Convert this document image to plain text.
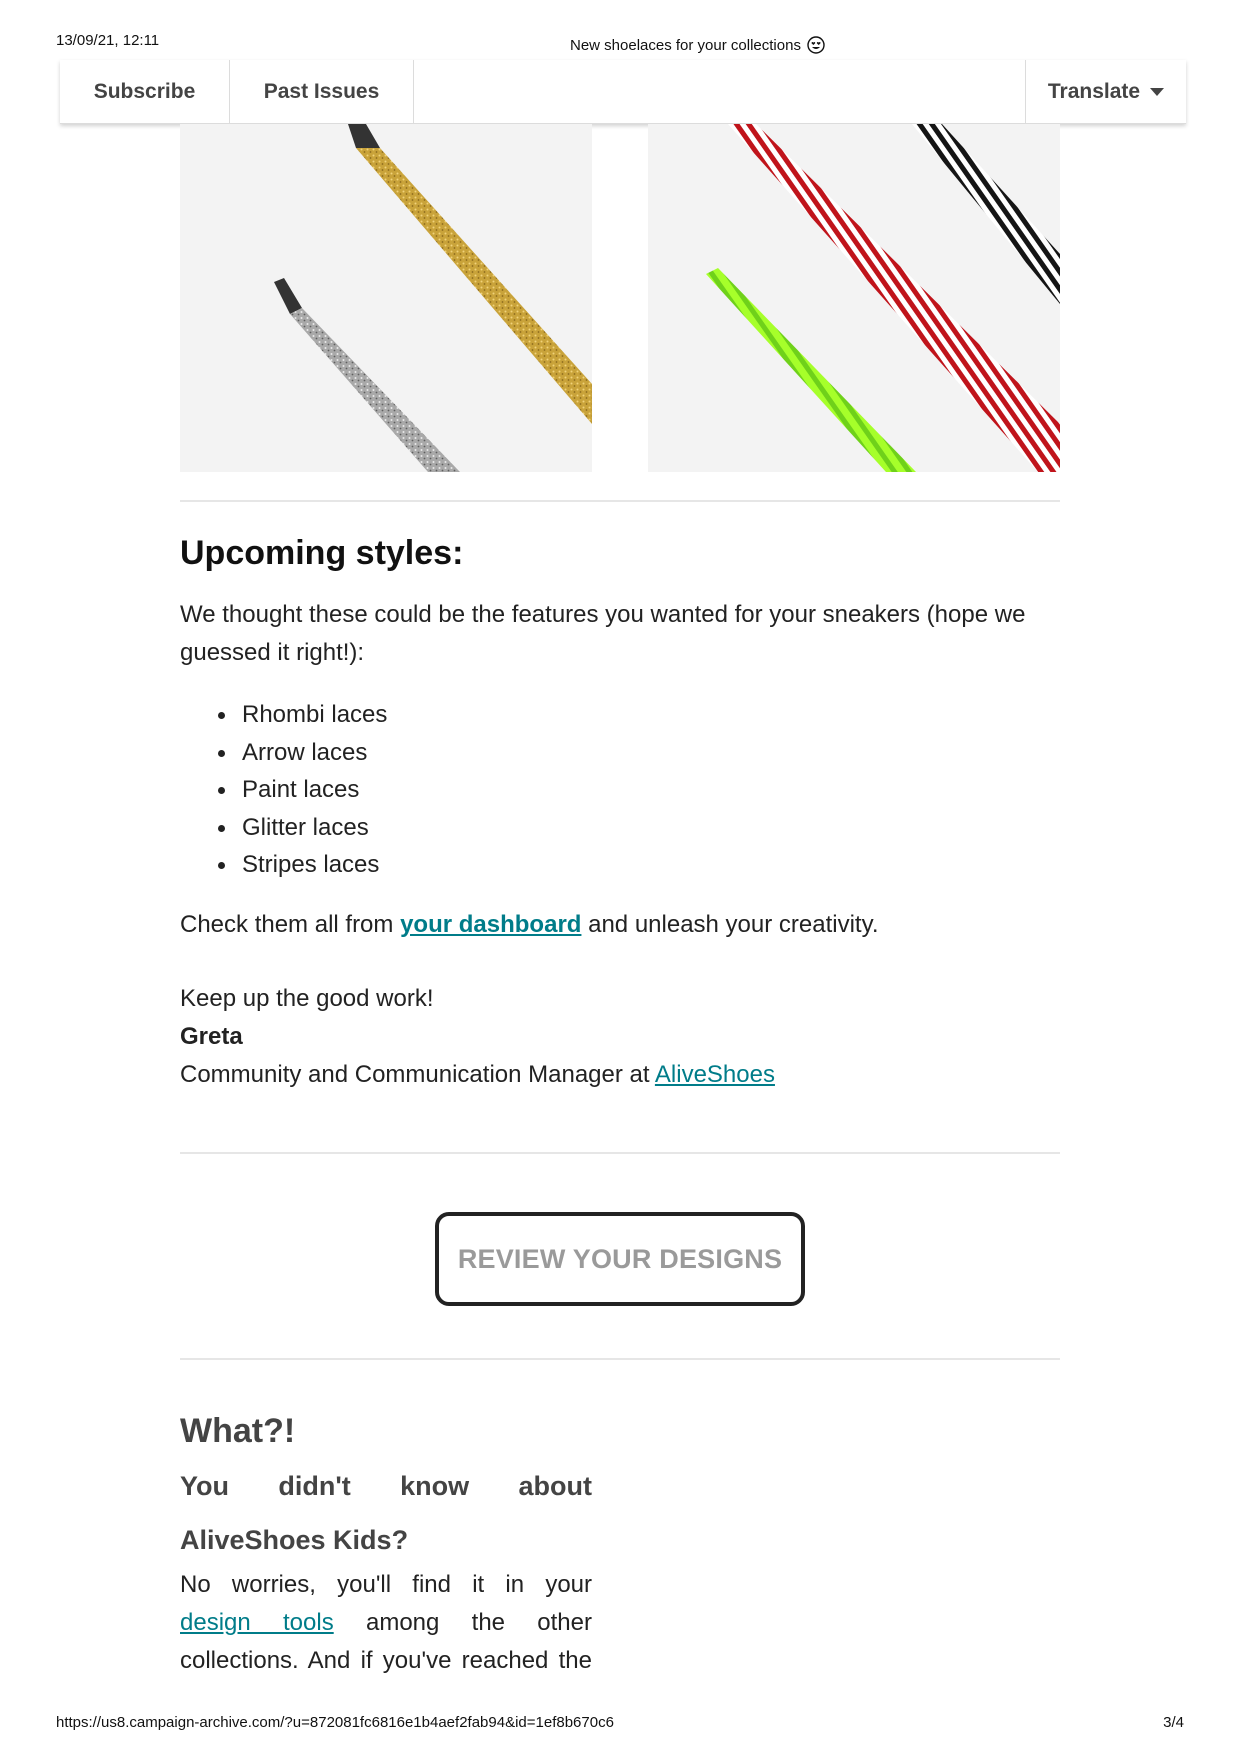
13/09/21, 12:11	New shoelaces for your collections
Subscribe	Past Issues	Translate
Upcoming styles:

We thought these could be the features you wanted for your sneakers (hope we guessed it right!):

Rhombi laces
Arrow laces
Paint laces
Glitter laces
Stripes laces

Check them all from your dashboard and unleash your creativity.

Keep up the good work!

Greta

Community and Communication Manager at AliveShoes

REVIEW YOUR DESIGNS
What?!
You didn't know about
AliveShoes Kids?
No worries, you'll find it in your
design tools among the other
collections. And if you've reached the
https://us8.campaign-archive.com/?u=872081fc6816e1b4aef2fab94&id=1ef8b670c6	3/4
